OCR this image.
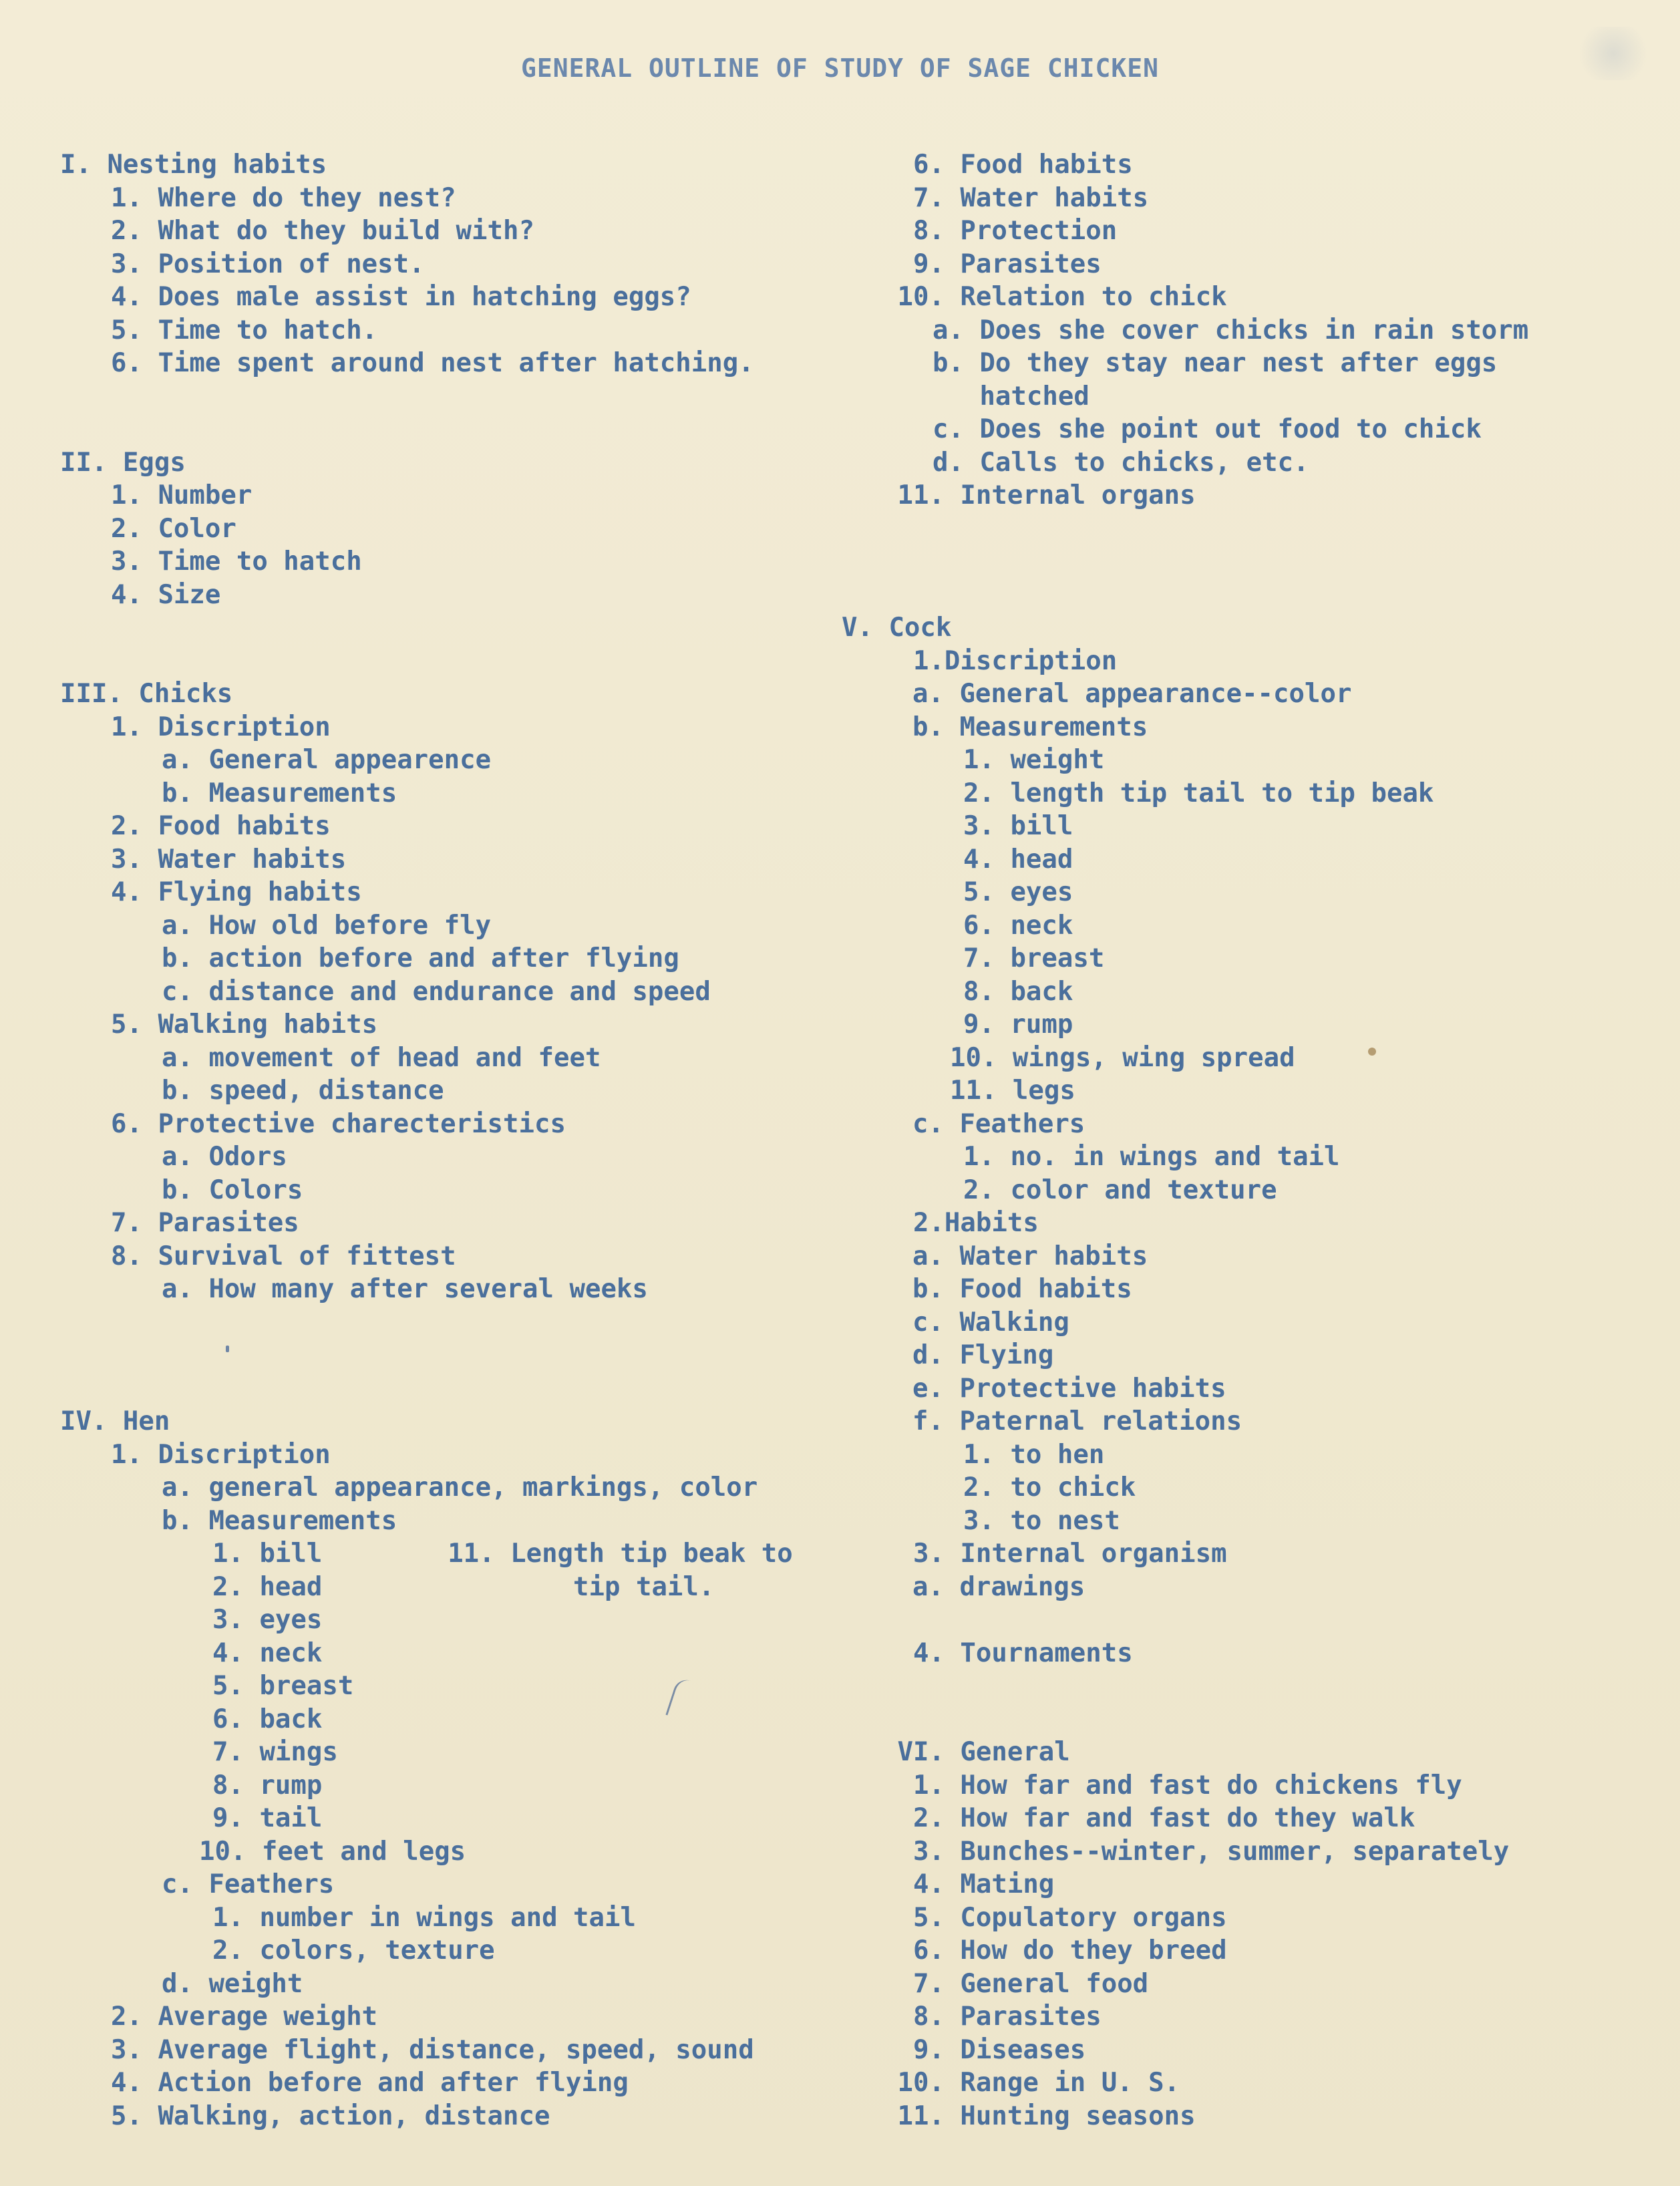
GENERAL OUTLINE OF STUDY OF SAGE CHICKEN
I. Nesting habits
1. Where do they nest?
2. What do they build with?
3. Position of nest.
4. Does male assist in hatching eggs?
5. Time to hatch.
6. Time spent around nest after hatching.
II. Eggs
1. Number
2. Color
3. Time to hatch
4. Size
III. Chicks
1. Discription
a. General appearence
b. Measurements
2. Food habits
3. Water habits
4. Flying habits
a. How old before fly
b. action before and after flying
c. distance and endurance and speed
5. Walking habits
a. movement of head and feet
b. speed, distance
6. Protective charecteristics
a. Odors
b. Colors
7. Parasites
8. Survival of fittest
a. How many after several weeks
IV. Hen
1. Discription
a. general appearance, markings, color
b. Measurements
1. bill        11. Length tip beak to
2. head                tip tail.
3. eyes
4. neck
5. breast
6. back
7. wings
8. rump
9. tail
10. feet and legs
c. Feathers
1. number in wings and tail
2. colors, texture
d. weight
2. Average weight
3. Average flight, distance, speed, sound
4. Action before and after flying
5. Walking, action, distance
6. Food habits
7. Water habits
8. Protection
9. Parasites
10. Relation to chick
a. Does she cover chicks in rain storm
b. Do they stay near nest after eggs
hatched
c. Does she point out food to chick
d. Calls to chicks, etc.
11. Internal organs
V. Cock
1.Discription
a. General appearance--color
b. Measurements
1. weight
2. length tip tail to tip beak
3. bill
4. head
5. eyes
6. neck
7. breast
8. back
9. rump
10. wings, wing spread
11. legs
c. Feathers
1. no. in wings and tail
2. color and texture
2.Habits
a. Water habits
b. Food habits
c. Walking
d. Flying
e. Protective habits
f. Paternal relations
1. to hen
2. to chick
3. to nest
3. Internal organism
a. drawings
4. Tournaments
VI. General
1. How far and fast do chickens fly
2. How far and fast do they walk
3. Bunches--winter, summer, separately
4. Mating
5. Copulatory organs
6. How do they breed
7. General food
8. Parasites
9. Diseases
10. Range in U. S.
11. Hunting seasons
